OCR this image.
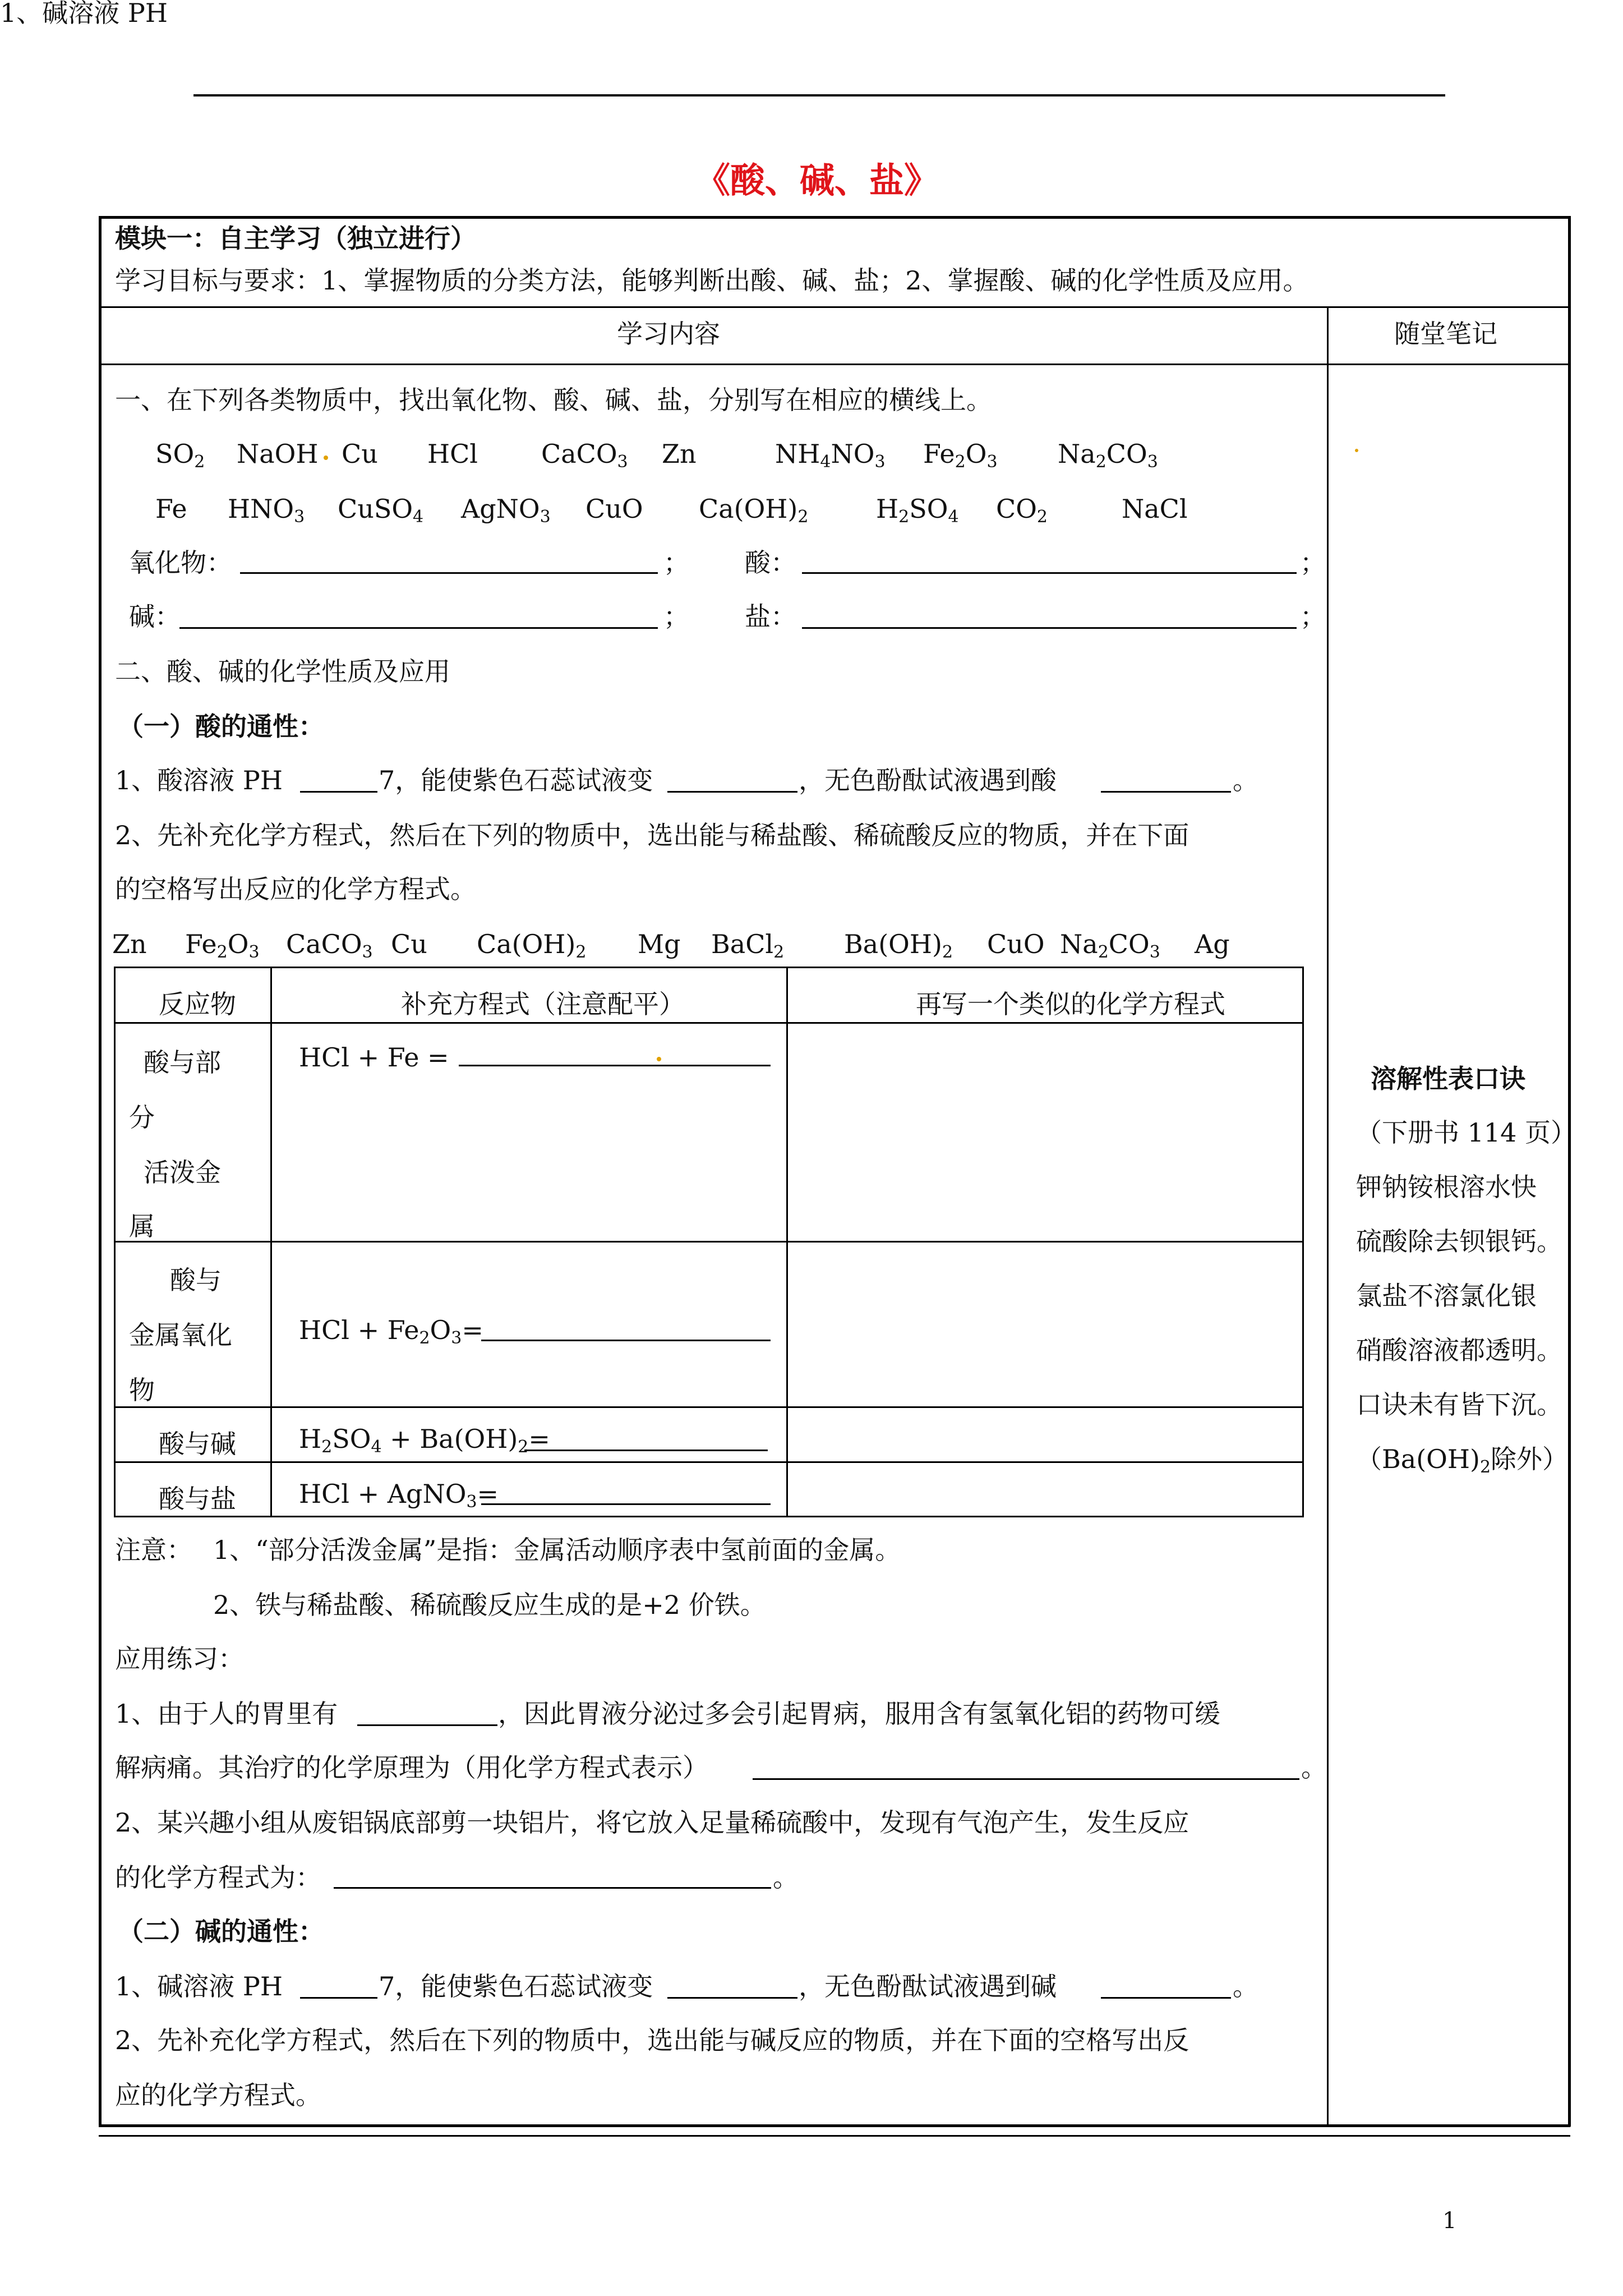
《酸、碱、盐》
模块一：自主学习（独立进行）
学习目标与要求：1、掌握物质的分类方法，能够判断出酸、碱、盐；2、掌握酸、碱的化学性质及应用。
学习内容	随堂笔记
一、在下列各类物质中，找出氧化物、酸、碱、盐，分别写在相应的横线上。
$SO_2$ NaOH Cu HCl CaCO$_3$ Zn	$NH_4NO_3$ $Fe_2O_3$ $Na_2CO_3$
Fe $HNO_3$ CuSO$_4$ AgNO$_3$ CuO $Ca(OH)_2$	$H_2SO_4$ $CO_2$	NaCl
氧化物：	； 酸：	；
碱：	； 盐：	；
二、酸、碱的化学性质及应用
（一）酸的通性：
1、酸溶液 PH	7，能使紫色石蕊试液变	，无色酚酞试液遇到酸	。
2、先补充化学方程式，然后在下列的物质中，选出能与稀盐酸、稀硫酸反应的物质，并在下面
的空格写出反应的化学方程式。
Zn $Fe_2O_3$ CaCO$_3$ Cu $Ca(OH)_2$ Mg BaCl$_2$ $Ba(OH)_2$ CuO $Na_2CO_3$ Ag
反应物	补充方程式（注意配平）	再写一个类似的化学方程式
酸与部
分
活泼金
属
HCl + Fe =
酸与
金属氧化
物
HCl + $Fe_2O_3=$
酸与碱 $H_2SO_4 + Ba(OH)_2=$
酸与盐 HCl + AgNO$_3$=
注意： 1、“部分活泼金属”是指：金属活动顺序表中氢前面的金属。
2、铁与稀盐酸、稀硫酸反应生成的是+2 价铁。
应用练习：
1、由于人的胃里有	，因此胃液分泌过多会引起胃病，服用含有氢氧化铝的药物可缓
解病痛。其治疗的化学原理为（用化学方程式表示）	。
2、某兴趣小组从废铝锅底部剪一块铝片，将它放入足量稀硫酸中，发现有气泡产生，发生反应
的化学方程式为：	。
（二）碱的通性：
1、碱溶液 PH
1、碱溶液 PH	7，能使紫色石蕊试液变	，无色酚酞试液遇到碱	。
2、先补充化学方程式，然后在下列的物质中，选出能与碱反应的物质，并在下面的空格写出反
应的化学方程式。
溶解性表口诀
（下册书 114 页）
钾钠铵根溶水快
硫酸除去钡银钙。
氯盐不溶氯化银
硝酸溶液都透明。
口诀未有皆下沉。
（$Ba(OH)_2$除外）
1
